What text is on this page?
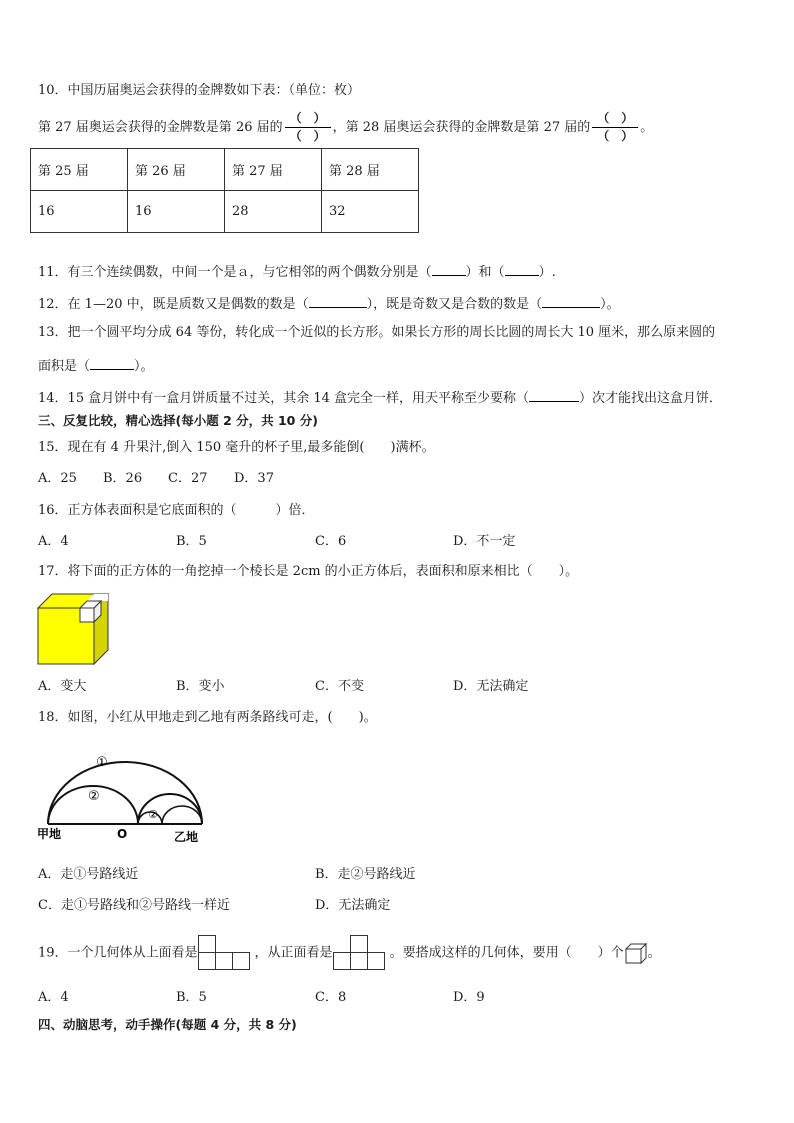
10．中国历届奥运会获得的金牌数如下表：（单位：枚）
第 27 届奥运会获得的金牌数是第 26 届的 $\frac{( )}{( )}$ ，第 28 届奥运会获得的金牌数是第 27 届的 $\frac{( )}{( )}$ 。
第 25 届	第 26 届	第 27 届	第 28 届
16	16	28	32
11．有三个连续偶数，中间一个是ａ，与它相邻的两个偶数分别是（	）和（	）.
12．在 1—20 中，既是质数又是偶数的数是（	），既是奇数又是合数的数是（	）。
13．把一个圆平均分成 64 等份，转化成一个近似的长方形。如果长方形的周长比圆的周长大 10 厘米，那么原来圆的
面积是（	）。
14．15 盒月饼中有一盒月饼质量不过关，其余 14 盒完全一样，用天平称至少要称（	）次才能找出这盒月饼．
三、反复比较，精心选择(每小题 2 分，共 10 分)
15．现在有 4 升果汁,倒入 150 毫升的杯子里,最多能倒(　　)满杯。
A．25 B．26 C．27 D．37
16．正方体表面积是它底面积的（　　　）倍．
A．4	B．5	C．6	D．不一定
17．将下面的正方体的一角挖掉一个棱长是 2cm 的小正方体后，表面积和原来相比（　　）。
A．变大	B．变小	C．不变	D．无法确定
18．如图，小红从甲地走到乙地有两条路线可走，(　　)。
①
②
②
甲地	O	乙地
A．走①号路线近	B．走②号路线近
C．走①号路线和②号路线一样近	D．无法确定
19．一个几何体从上面看是	，从正面看是	。要搭成这样的几何体，要用（　　）个 。
A．4	B．5	C．8	D．9
四、动脑思考，动手操作(每题 4 分，共 8 分)
